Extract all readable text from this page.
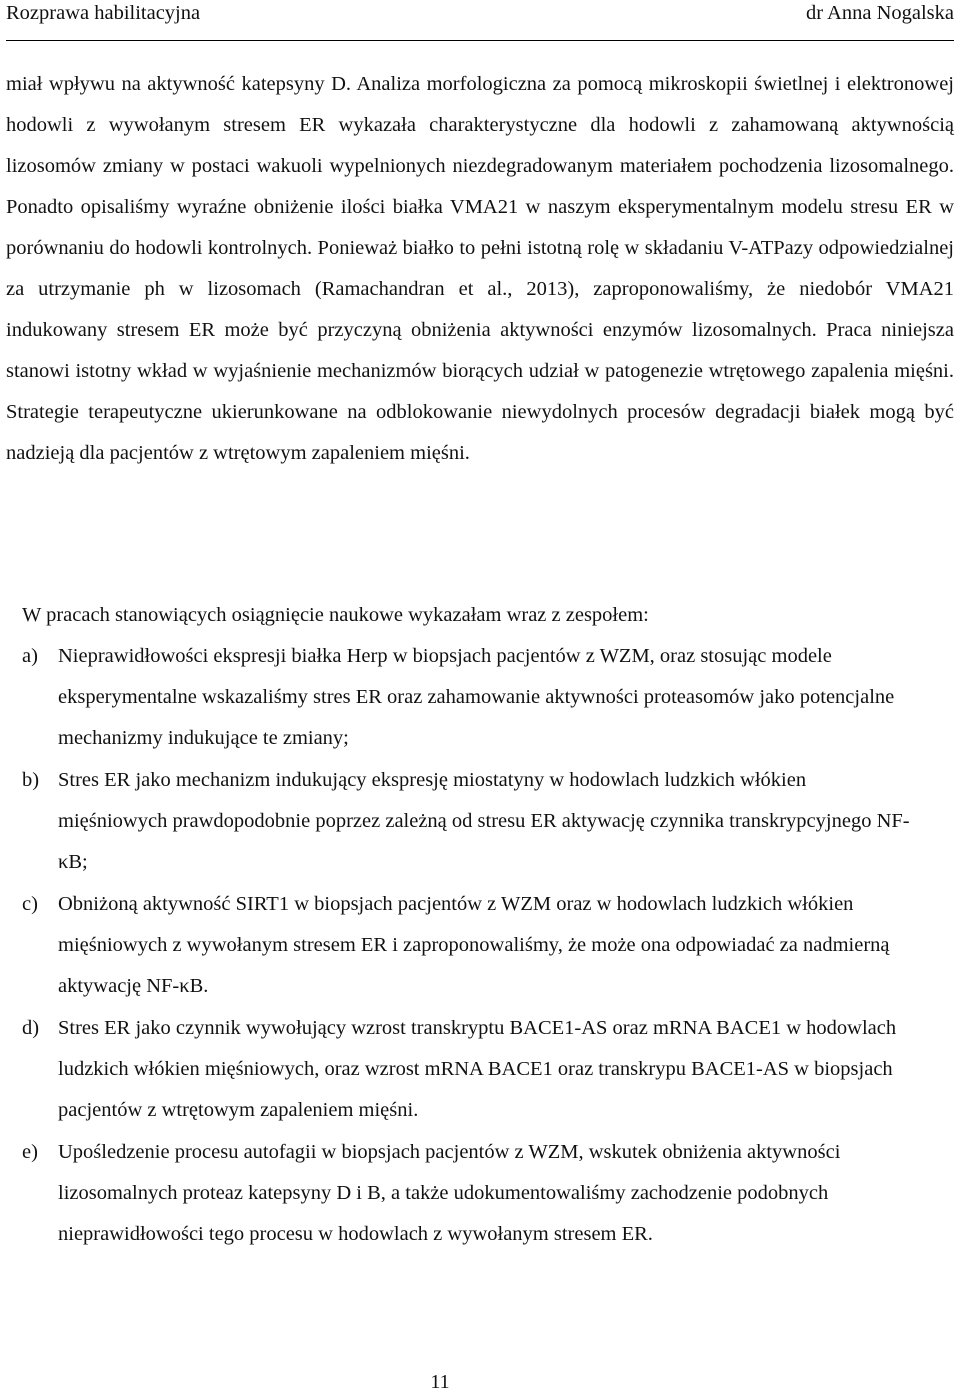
Rozprawa habilitacyjna	dr Anna Nogalska

miał wpływu na aktywność katepsyny D. Analiza morfologiczna za pomocą mikroskopii świetlnej i elektronowej hodowli z wywołanym stresem ER wykazała charakterystyczne dla hodowli z zahamowaną aktywnością lizosomów zmiany w postaci wakuoli wypelnionych niezdegradowanym materiałem pochodzenia lizosomalnego. Ponadto opisaliśmy wyraźne obniżenie ilości białka VMA21 w naszym eksperymentalnym modelu stresu ER w porównaniu do hodowli kontrolnych. Ponieważ białko to pełni istotną rolę w składaniu V-ATPazy odpowiedzialnej za utrzymanie ph w lizosomach (Ramachandran et al., 2013), zaproponowaliśmy, że niedobór VMA21 indukowany stresem ER może być przyczyną obniżenia aktywności enzymów lizosomalnych. Praca niniejsza stanowi istotny wkład w wyjaśnienie mechanizmów biorących udział w patogenezie wtrętowego zapalenia mięśni. Strategie terapeutyczne ukierunkowane na odblokowanie niewydolnych procesów degradacji białek mogą być nadzieją dla pacjentów z wtrętowym zapaleniem mięśni.

W pracach stanowiących osiągnięcie naukowe wykazałam wraz z zespołem:

a) Nieprawidłowości ekspresji białka Herp w biopsjach pacjentów z WZM, oraz stosując modele eksperymentalne wskazaliśmy stres ER oraz zahamowanie aktywności proteasomów jako potencjalne mechanizmy indukujące te zmiany;
b) Stres ER jako mechanizm indukujący ekspresję miostatyny w hodowlach ludzkich włókien mięśniowych prawdopodobnie poprzez zależną od stresu ER aktywację czynnika transkrypcyjnego NF-κB;
c) Obniżoną aktywność SIRT1 w biopsjach pacjentów z WZM oraz w hodowlach ludzkich włókien mięśniowych z wywołanym stresem ER i zaproponowaliśmy, że może ona odpowiadać za nadmierną aktywację NF-κB.
d) Stres ER jako czynnik wywołujący wzrost transkryptu BACE1-AS oraz mRNA BACE1 w hodowlach ludzkich włókien mięśniowych, oraz wzrost mRNA BACE1 oraz transkrypu BACE1-AS w biopsjach pacjentów z wtrętowym zapaleniem mięśni.
e) Upośledzenie procesu autofagii w biopsjach pacjentów z WZM, wskutek obniżenia aktywności lizosomalnych proteaz katepsyny D i B, a także udokumentowaliśmy zachodzenie podobnych nieprawidłowości tego procesu w hodowlach z wywołanym stresem ER.
11
